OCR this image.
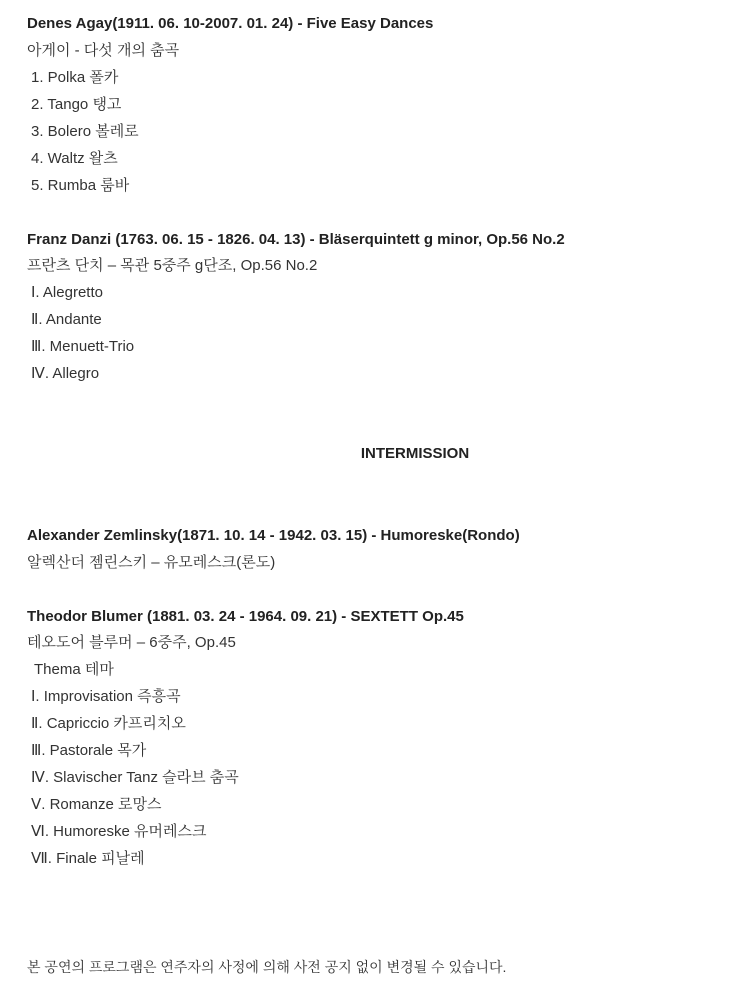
Denes Agay(1911. 06. 10-2007. 01. 24) - Five Easy Dances
아게이 - 다섯 개의 춤곡
1. Polka 폴카
2. Tango 탱고
3. Bolero 볼레로
4. Waltz 왈츠
5. Rumba 룸바
Franz Danzi (1763. 06. 15 - 1826. 04. 13) - Bläserquintett g minor, Op.56 No.2
프란츠 단치 – 목관 5중주 g단조, Op.56 No.2
Ⅰ. Alegretto
Ⅱ. Andante
Ⅲ. Menuett-Trio
Ⅳ. Allegro
INTERMISSION
Alexander Zemlinsky(1871. 10. 14 - 1942. 03. 15) - Humoreske(Rondo)
알렉산더 젬린스키 – 유모레스크(론도)
Theodor Blumer (1881. 03. 24 - 1964. 09. 21) - SEXTETT Op.45
테오도어 블루머 – 6중주, Op.45
Thema 테마
Ⅰ. Improvisation 즉흥곡
Ⅱ. Capriccio 카프리치오
Ⅲ. Pastorale 목가
Ⅳ. Slavischer Tanz 슬라브 춤곡
Ⅴ. Romanze 로망스
Ⅵ. Humoreske 유머레스크
Ⅶ. Finale 피날레
본 공연의 프로그램은 연주자의 사정에 의해 사전 공지 없이 변경될 수 있습니다.
